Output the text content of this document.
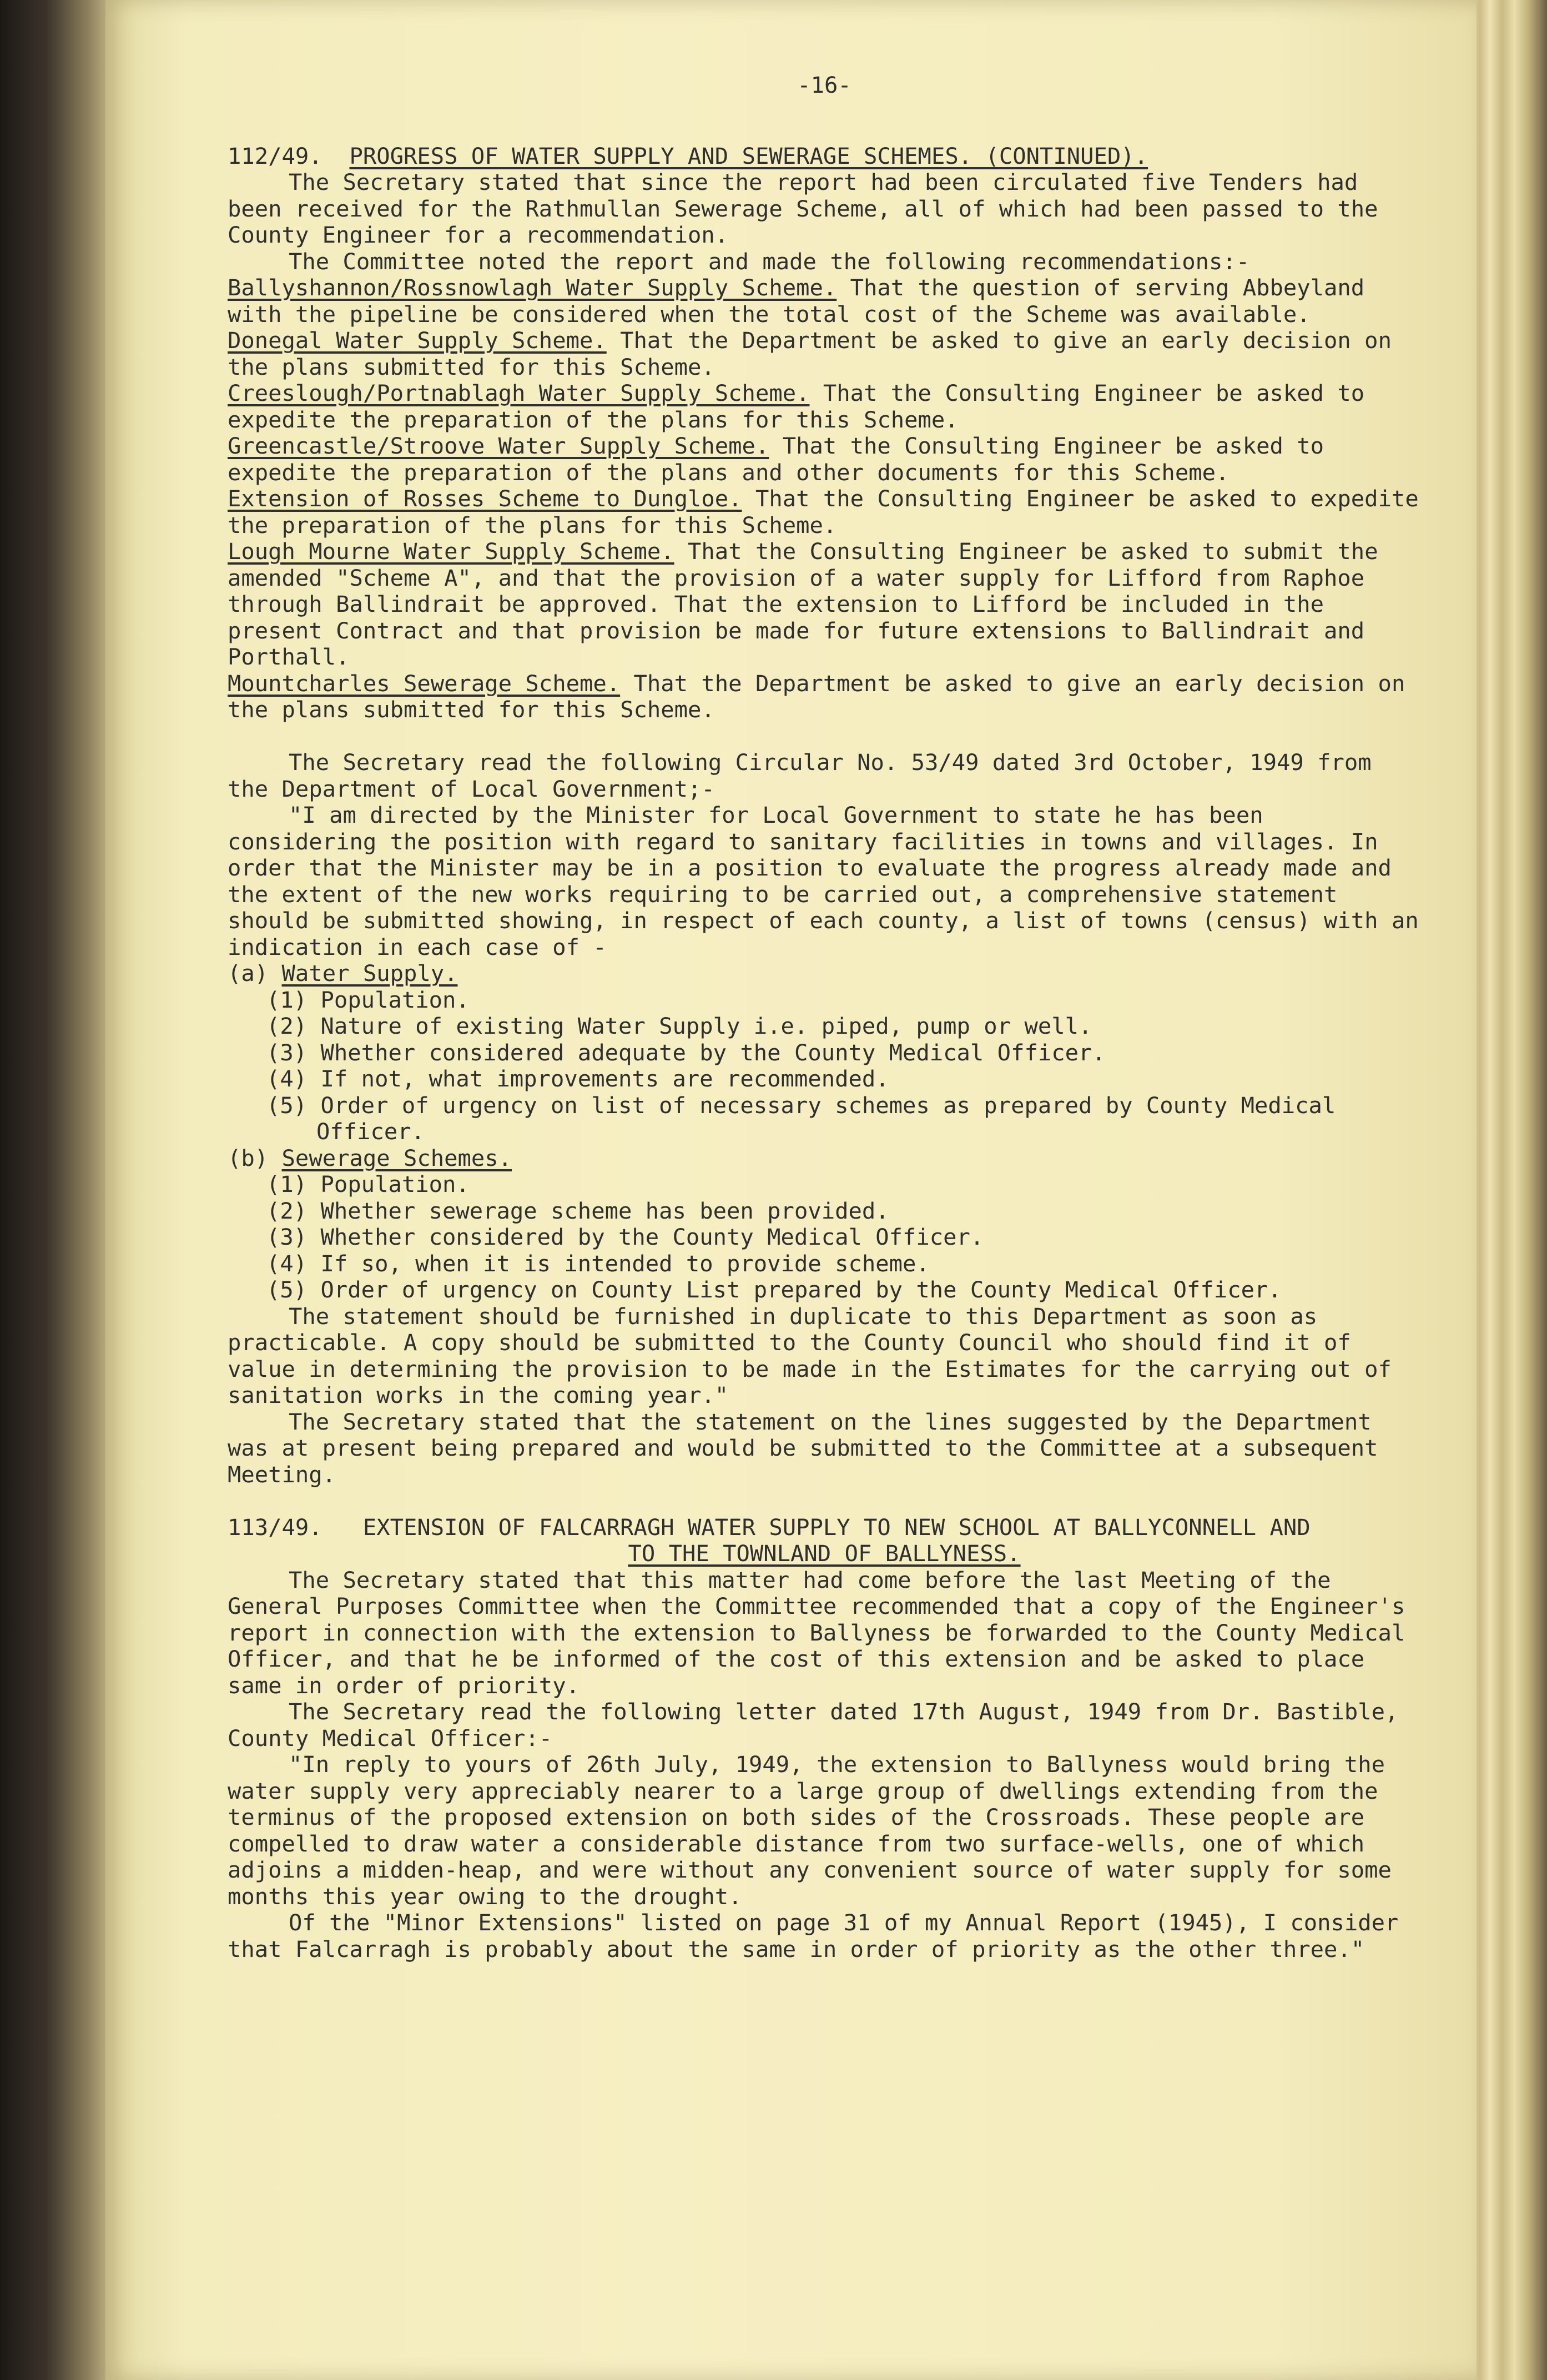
-16-
112/49. PROGRESS OF WATER SUPPLY AND SEWERAGE SCHEMES. (CONTINUED).

The Secretary stated that since the report had been circulated five Tenders had been received for the Rathmullan Sewerage Scheme, all of which had been passed to the County Engineer for a recommendation.

The Committee noted the report and made the following recommendations:-

Ballyshannon/Rossnowlagh Water Supply Scheme. That the question of serving Abbeyland with the pipeline be considered when the total cost of the Scheme was available.

Donegal Water Supply Scheme. That the Department be asked to give an early decision on the plans submitted for this Scheme.

Creeslough/Portnablagh Water Supply Scheme. That the Consulting Engineer be asked to expedite the preparation of the plans for this Scheme.

Greencastle/Stroove Water Supply Scheme. That the Consulting Engineer be asked to expedite the preparation of the plans and other documents for this Scheme.

Extension of Rosses Scheme to Dungloe. That the Consulting Engineer be asked to expedite the preparation of the plans for this Scheme.

Lough Mourne Water Supply Scheme. That the Consulting Engineer be asked to submit the amended "Scheme A", and that the provision of a water supply for Lifford from Raphoe through Ballindrait be approved. That the extension to Lifford be included in the present Contract and that provision be made for future extensions to Ballindrait and Porthall.

Mountcharles Sewerage Scheme. That the Department be asked to give an early decision on the plans submitted for this Scheme.

The Secretary read the following Circular No. 53/49 dated 3rd October, 1949 from the Department of Local Government;-

"I am directed by the Minister for Local Government to state he has been considering the position with regard to sanitary facilities in towns and villages. In order that the Minister may be in a position to evaluate the progress already made and the extent of the new works requiring to be carried out, a comprehensive statement should be submitted showing, in respect of each county, a list of towns (census) with an indication in each case of -

(a) Water Supply.

(1) Population.

(2) Nature of existing Water Supply i.e. piped, pump or well.

(3) Whether considered adequate by the County Medical Officer.

(4) If not, what improvements are recommended.

(5) Order of urgency on list of necessary schemes as prepared by County Medical Officer.

(b) Sewerage Schemes.

(1) Population.

(2) Whether sewerage scheme has been provided.

(3) Whether considered by the County Medical Officer.

(4) If so, when it is intended to provide scheme.

(5) Order of urgency on County List prepared by the County Medical Officer.

The statement should be furnished in duplicate to this Department as soon as practicable. A copy should be submitted to the County Council who should find it of value in determining the provision to be made in the Estimates for the carrying out of sanitation works in the coming year."

The Secretary stated that the statement on the lines suggested by the Department was at present being prepared and would be submitted to the Committee at a subsequent Meeting.

113/49. EXTENSION OF FALCARRAGH WATER SUPPLY TO NEW SCHOOL AT BALLYCONNELL AND
TO THE TOWNLAND OF BALLYNESS.

The Secretary stated that this matter had come before the last Meeting of the General Purposes Committee when the Committee recommended that a copy of the Engineer's report in connection with the extension to Ballyness be forwarded to the County Medical Officer, and that he be informed of the cost of this extension and be asked to place same in order of priority.

The Secretary read the following letter dated 17th August, 1949 from Dr. Bastible, County Medical Officer:-

"In reply to yours of 26th July, 1949, the extension to Ballyness would bring the water supply very appreciably nearer to a large group of dwellings extending from the terminus of the proposed extension on both sides of the Crossroads. These people are compelled to draw water a considerable distance from two surface-wells, one of which adjoins a midden-heap, and were without any convenient source of water supply for some months this year owing to the drought.

Of the "Minor Extensions" listed on page 31 of my Annual Report (1945), I consider that Falcarragh is probably about the same in order of priority as the other three."
